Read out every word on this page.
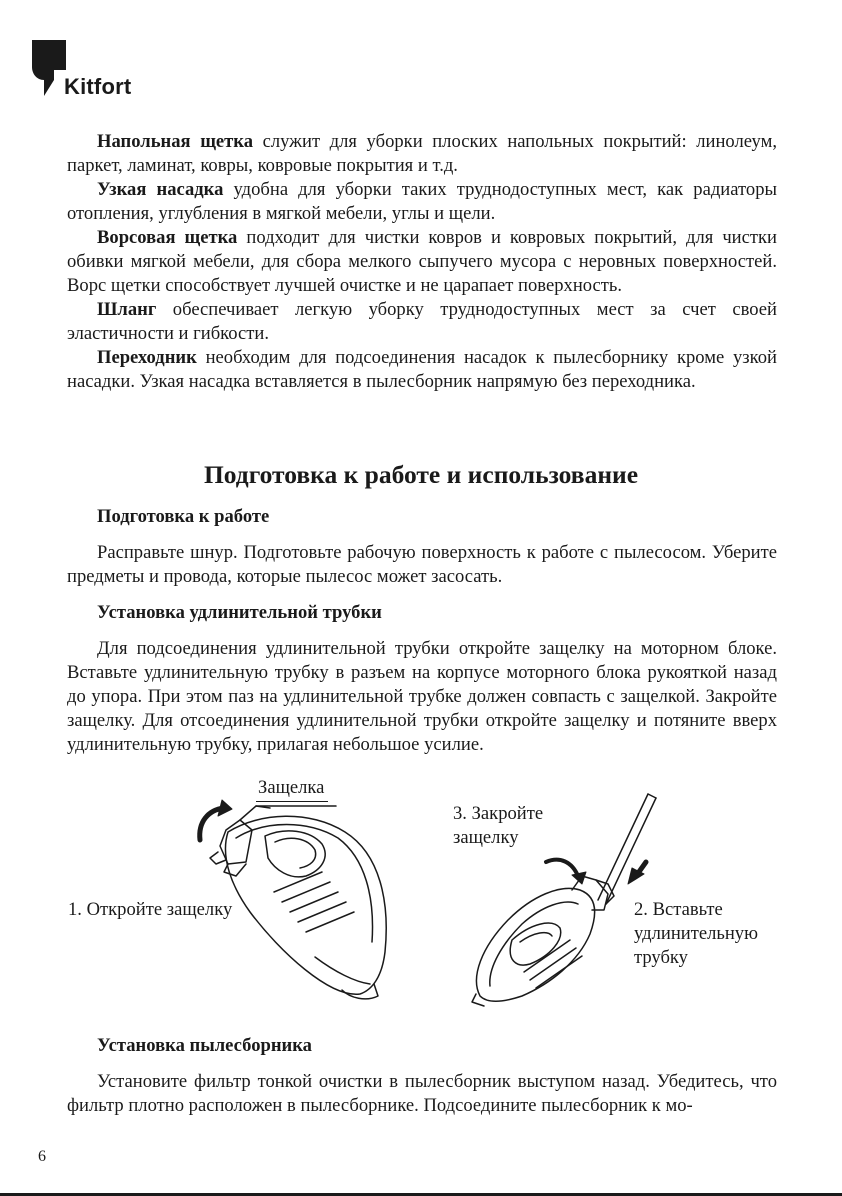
Kitfort

Напольная щетка служит для уборки плоских напольных покрытий: линолеум, паркет, ламинат, ковры, ковровые покрытия и т.д.

Узкая насадка удобна для уборки таких труднодоступных мест, как радиаторы отопления, углубления в мягкой мебели, углы и щели.

Ворсовая щетка подходит для чистки ковров и ковровых покрытий, для чистки обивки мягкой мебели, для сбора мелкого сыпучего мусора с неровных поверхностей. Ворс щетки способствует лучшей очистке и не царапает поверхность.

Шланг обеспечивает легкую уборку труднодоступных мест за счет своей эластичности и гибкости.

Переходник необходим для подсоединения насадок к пылесборнику кроме узкой насадки. Узкая насадка вставляется в пылесборник напрямую без переходника.

Подготовка к работе и использование
Подготовка к работе

Расправьте шнур. Подготовьте рабочую поверхность к работе с пылесосом. Уберите предметы и провода, которые пылесос может засосать.

Установка удлинительной трубки

Для подсоединения удлинительной трубки откройте защелку на моторном блоке. Вставьте удлинительную трубку в разъем на корпусе моторного блока рукояткой назад до упора. При этом паз на удлинительной трубке должен совпасть с защелкой. Закройте защелку. Для отсоединения удлинительной трубки откройте защелку и потяните вверх удлинительную трубку, прилагая небольшое усилие.

Защелка
1. Откройте защелку
3. Закройте
защелку
2. Вставьте
удлинительную
трубку
Установка пылесборника

Установите фильтр тонкой очистки в пылесборник выступом назад. Убедитесь, что фильтр плотно расположен в пылесборнике. Подсоедините пылесборник к мо-

6
